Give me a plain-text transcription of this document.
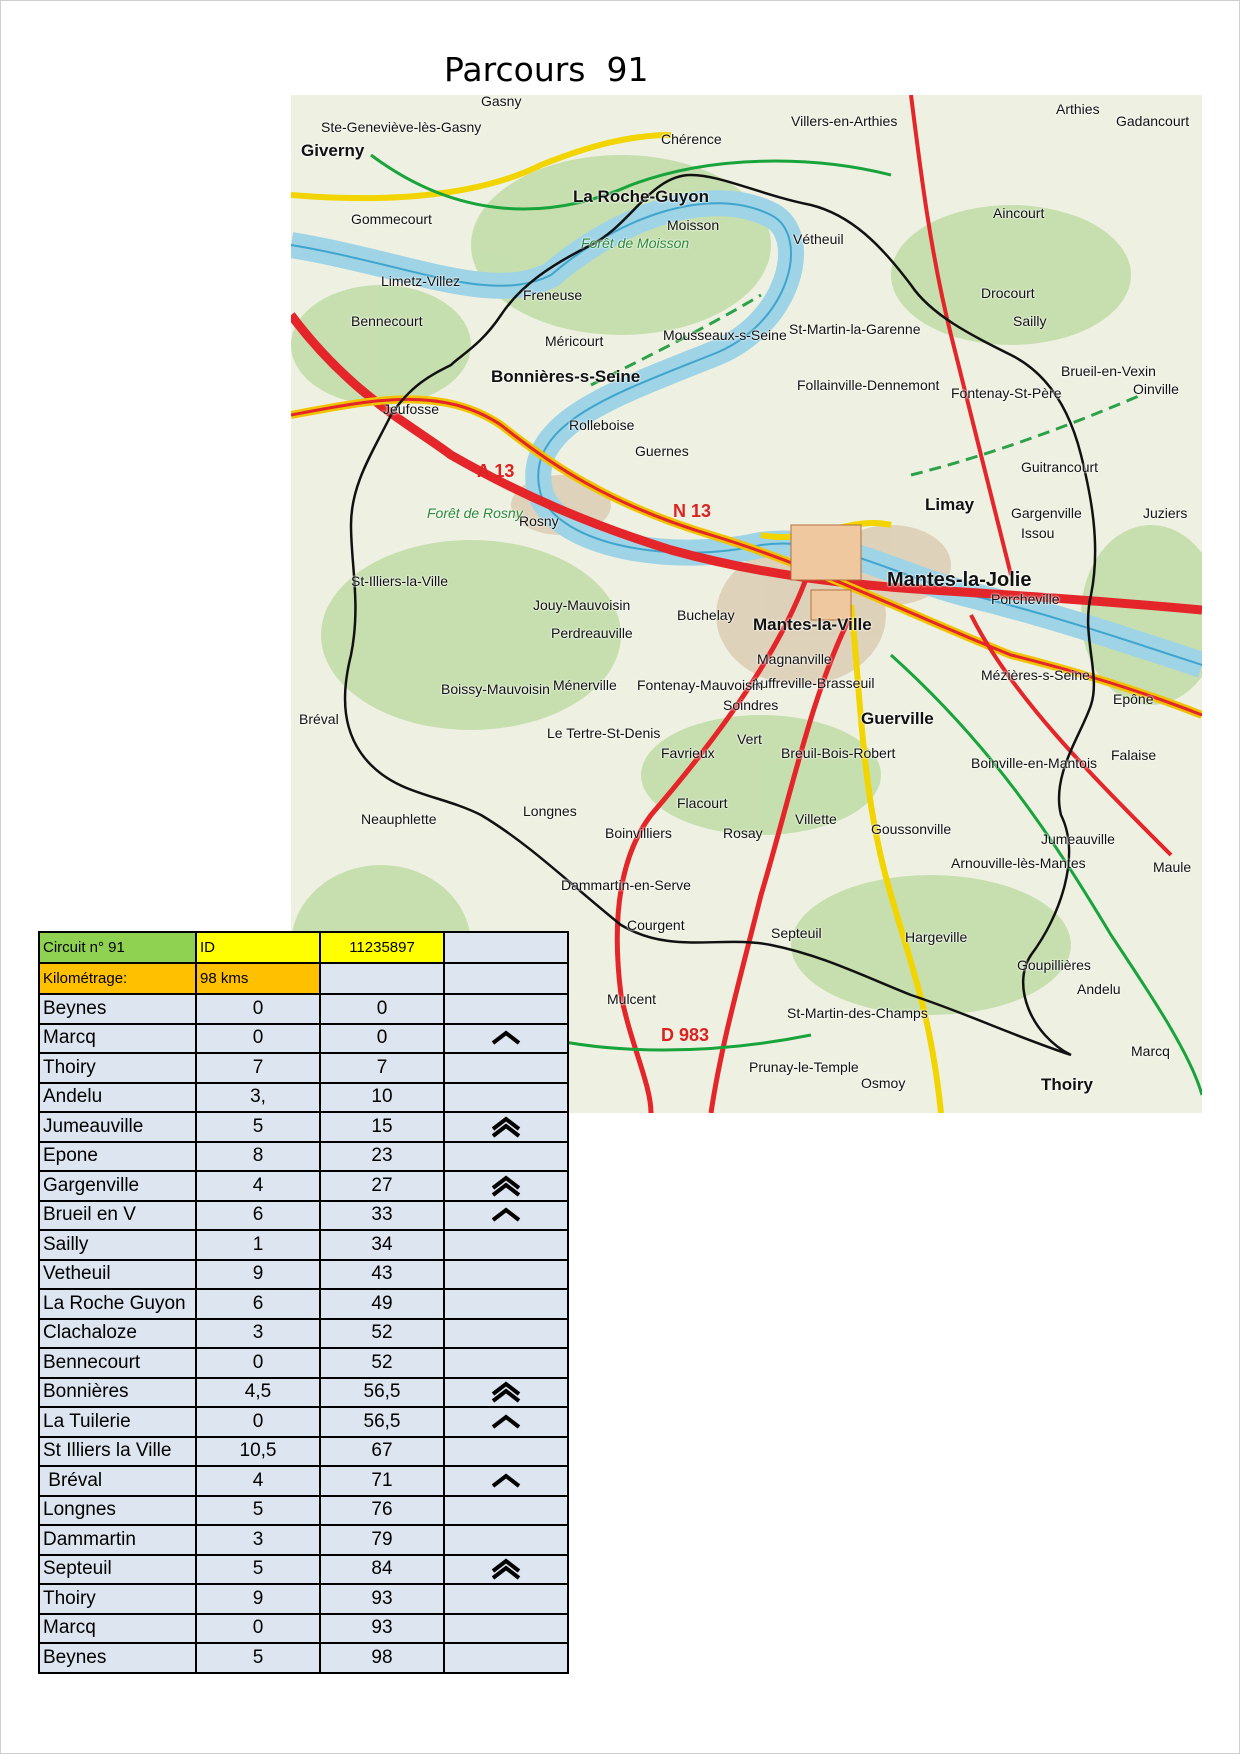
Parcours  91
Giverny
Ste-Geneviève-lès-Gasny
Gasny
Chérence
Villers-en-Arthies
Arthies
Gadancourt
La Roche-Guyon
Gommecourt	Moisson
Vétheuil
Aincourt
Limetz-Villez
Freneuse	Drocourt
Sailly
Bennecourt
Méricourt	Mousseaux-s-Seine St-Martin-la-Garenne
Brueil-en-Vexin
Oinville
Bonnières-s-Seine
Jeufosse
Rolleboise
Follainville-Dennemont Fontenay-St-Père
Guernes
Guitrancourt
Limay	Gargenville
Issou
Juziers
Rosny
Forêt de Rosny
Forêt de Moisson
Mantes-la-Jolie
Porcheville
St-Illiers-la-Ville
Jouy-Mauvoisin
Buchelay Mantes-la-Ville
Magnanville
Mézières-s-Seine
Epône
Perdreauville
Auffreville-Brasseuil
Guerville
Boissy-Mauvoisin Ménerville Fontenay-Mauvoisin
Soindres
Bréval
Le Tertre-St-Denis
Favrieux
Vert
Breuil-Bois-Robert
Boinville-en-Mantois Falaise
Neauphlette
Flacourt
Villette
Goussonville
Jumeauville
Longnes
Boinvilliers	Rosay
Arnouville-lès-Mantes	Maule
Dammartin-en-Serve
Courgent	Septeuil	Hargeville
Goupillières
Mulcent
Andelu
St-Martin-des-Champs
Marcq
Prunay-le-Temple
Osmoy	Thoiry
N 13
A 13
D 983
Circuit n° 91	ID	11235897	
Kilométrage:	98 kms		
Beynes	0	0	
Marcq	0	0	
Thoiry	7	7	
Andelu	3,	10	
Jumeauville	5	15	
Epone	8	23	
Gargenville	4	27	
Brueil en V	6	33	
Sailly	1	34	
Vetheuil	9	43	
La Roche Guyon	6	49	
Clachaloze	3	52	
Bennecourt	0	52	
Bonnières	4,5	56,5	
La Tuilerie	0	56,5	
St Illiers la Ville	10,5	67	
Bréval	4	71	
Longnes	5	76	
Dammartin	3	79	
Septeuil	5	84	
Thoiry	9	93	
Marcq	0	93	
Beynes	5	98	
